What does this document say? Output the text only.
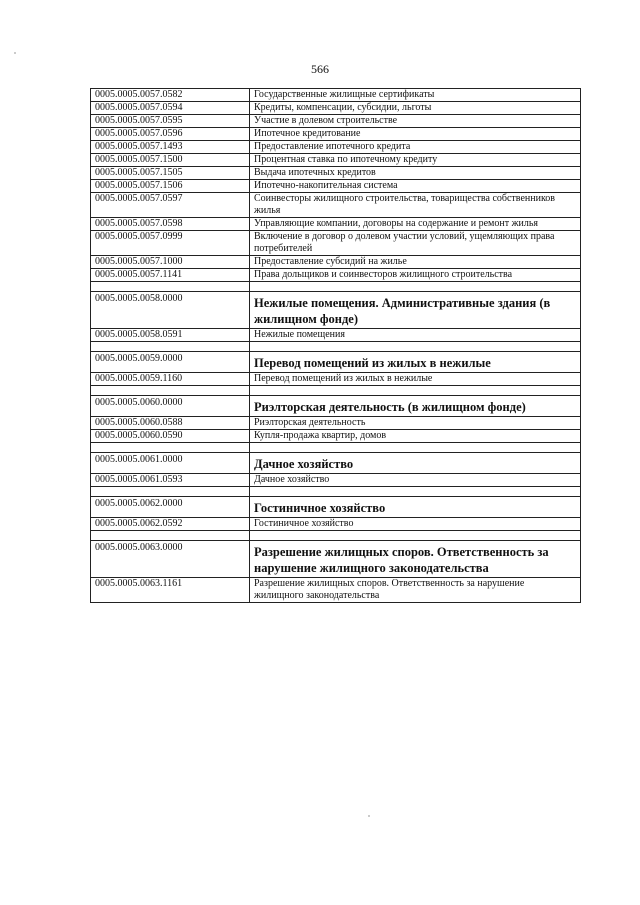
566
0005.0005.0057.0582	Государственные жилищные сертификаты
0005.0005.0057.0594	Кредиты, компенсации, субсидии, льготы
0005.0005.0057.0595	Участие в долевом строительстве
0005.0005.0057.0596	Ипотечное кредитование
0005.0005.0057.1493	Предоставление ипотечного кредита
0005.0005.0057.1500	Процентная ставка по ипотечному кредиту
0005.0005.0057.1505	Выдача ипотечных кредитов
0005.0005.0057.1506	Ипотечно-накопительная система
0005.0005.0057.0597	Соинвесторы жилищного строительства, товарищества собственников жилья
0005.0005.0057.0598	Управляющие компании, договоры на содержание и ремонт жилья
0005.0005.0057.0999	Включение в договор о долевом участии условий, ущемляющих права потребителей
0005.0005.0057.1000	Предоставление субсидий на жилье
0005.0005.0057.1141	Права дольщиков и соинвесторов жилищного строительства

0005.0005.0058.0000	Нежилые помещения. Административные здания (в жилищном фонде)
0005.0005.0058.0591	Нежилые помещения

0005.0005.0059.0000	Перевод помещений из жилых в нежилые
0005.0005.0059.1160	Перевод помещений из жилых в нежилые

0005.0005.0060.0000	Риэлторская деятельность (в жилищном фонде)
0005.0005.0060.0588	Риэлторская деятельность
0005.0005.0060.0590	Купля-продажа квартир, домов

0005.0005.0061.0000	Дачное хозяйство
0005.0005.0061.0593	Дачное хозяйство

0005.0005.0062.0000	Гостиничное хозяйство
0005.0005.0062.0592	Гостиничное хозяйство

0005.0005.0063.0000	Разрешение жилищных споров. Ответственность за нарушение жилищного законодательства
0005.0005.0063.1161	Разрешение жилищных споров. Ответственность за нарушение жилищного законодательства
